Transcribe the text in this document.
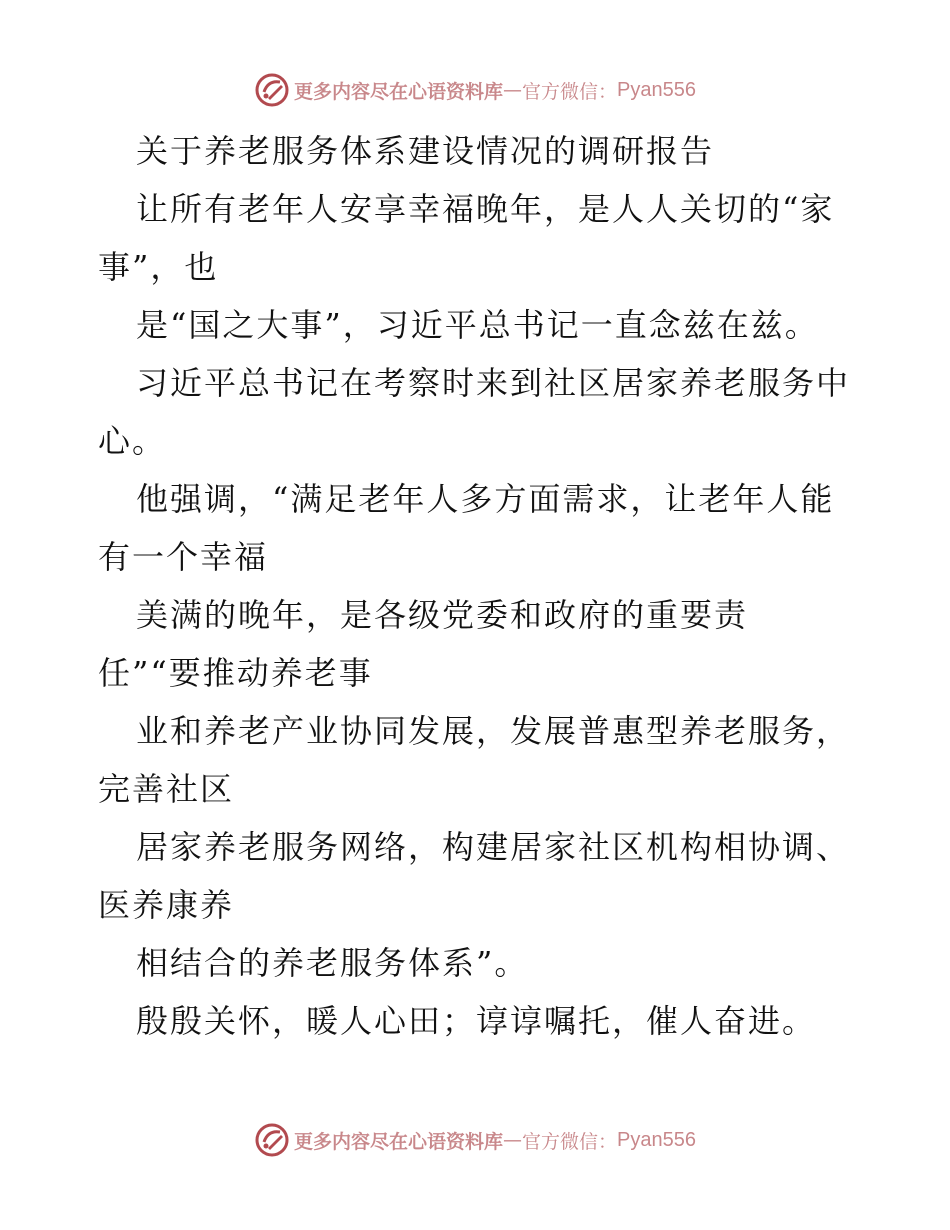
更多内容尽在心语资料库 — 官方微信： Pyan556
关于养老服务体系建设情况的调研报告
让所有老年人安享幸福晚年，是人人关切的“家
事”，也
是“国之大事”，习近平总书记一直念兹在兹。
习近平总书记在考察时来到社区居家养老服务中
心。
他强调，“满足老年人多方面需求，让老年人能
有一个幸福
美满的晚年，是各级党委和政府的重要责
任”“要推动养老事
业和养老产业协同发展，发展普惠型养老服务，
完善社区
居家养老服务网络，构建居家社区机构相协调、
医养康养
相结合的养老服务体系”。
殷殷关怀，暖人心田；谆谆嘱托，催人奋进。
更多内容尽在心语资料库 — 官方微信： Pyan556
